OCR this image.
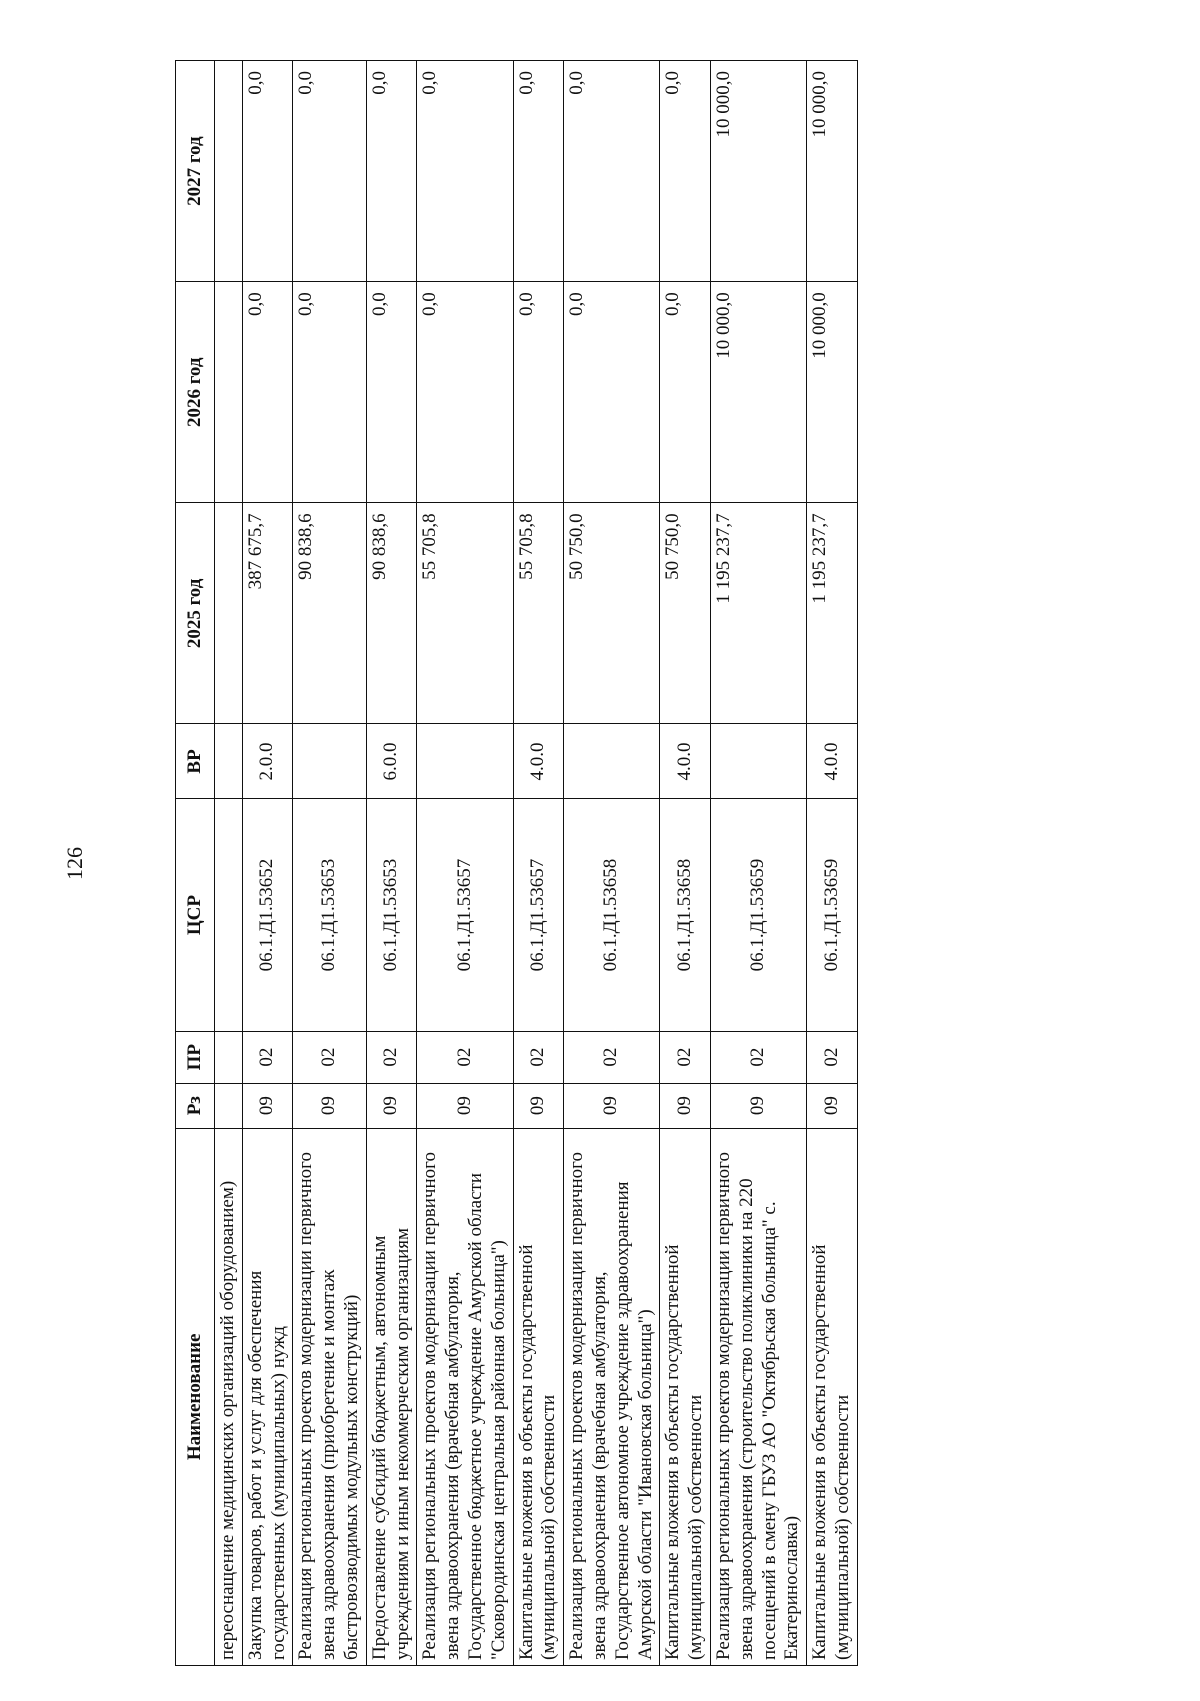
126
Наименование	Рз	ПР	ЦСР	ВР	2025 год	2026 год	2027 год
переоснащение медицинских организаций оборудованием)							
Закупка товаров, работ и услуг для обеспечения государственных (муниципальных) нужд	09	02	06.1.Д1.53652	2.0.0	387 675,7	0,0	0,0
Реализация региональных проектов модернизации первичного звена здравоохранения (приобретение и монтаж быстровозводимых модульных конструкций)	09	02	06.1.Д1.53653		90 838,6	0,0	0,0
Предоставление субсидий бюджетным, автономным учреждениям и иным некоммерческим организациям	09	02	06.1.Д1.53653	6.0.0	90 838,6	0,0	0,0
Реализация региональных проектов модернизации первичного звена здравоохранения (врачебная амбулатория, Государственное бюджетное учреждение Амурской области "Сковородинская центральная районная больница")	09	02	06.1.Д1.53657		55 705,8	0,0	0,0
Капитальные вложения в объекты государственной (муниципальной) собственности	09	02	06.1.Д1.53657	4.0.0	55 705,8	0,0	0,0
Реализация региональных проектов модернизации первичного звена здравоохранения (врачебная амбулатория, Государственное автономное учреждение здравоохранения Амурской области "Ивановская больница")	09	02	06.1.Д1.53658		50 750,0	0,0	0,0
Капитальные вложения в объекты государственной (муниципальной) собственности	09	02	06.1.Д1.53658	4.0.0	50 750,0	0,0	0,0
Реализация региональных проектов модернизации первичного звена здравоохранения (строительство поликлиники на 220 посещений в смену ГБУЗ АО "Октябрьская больница" с. Екатеринославка)	09	02	06.1.Д1.53659		1 195 237,7	10 000,0	10 000,0
Капитальные вложения в объекты государственной (муниципальной) собственности	09	02	06.1.Д1.53659	4.0.0	1 195 237,7	10 000,0	10 000,0
